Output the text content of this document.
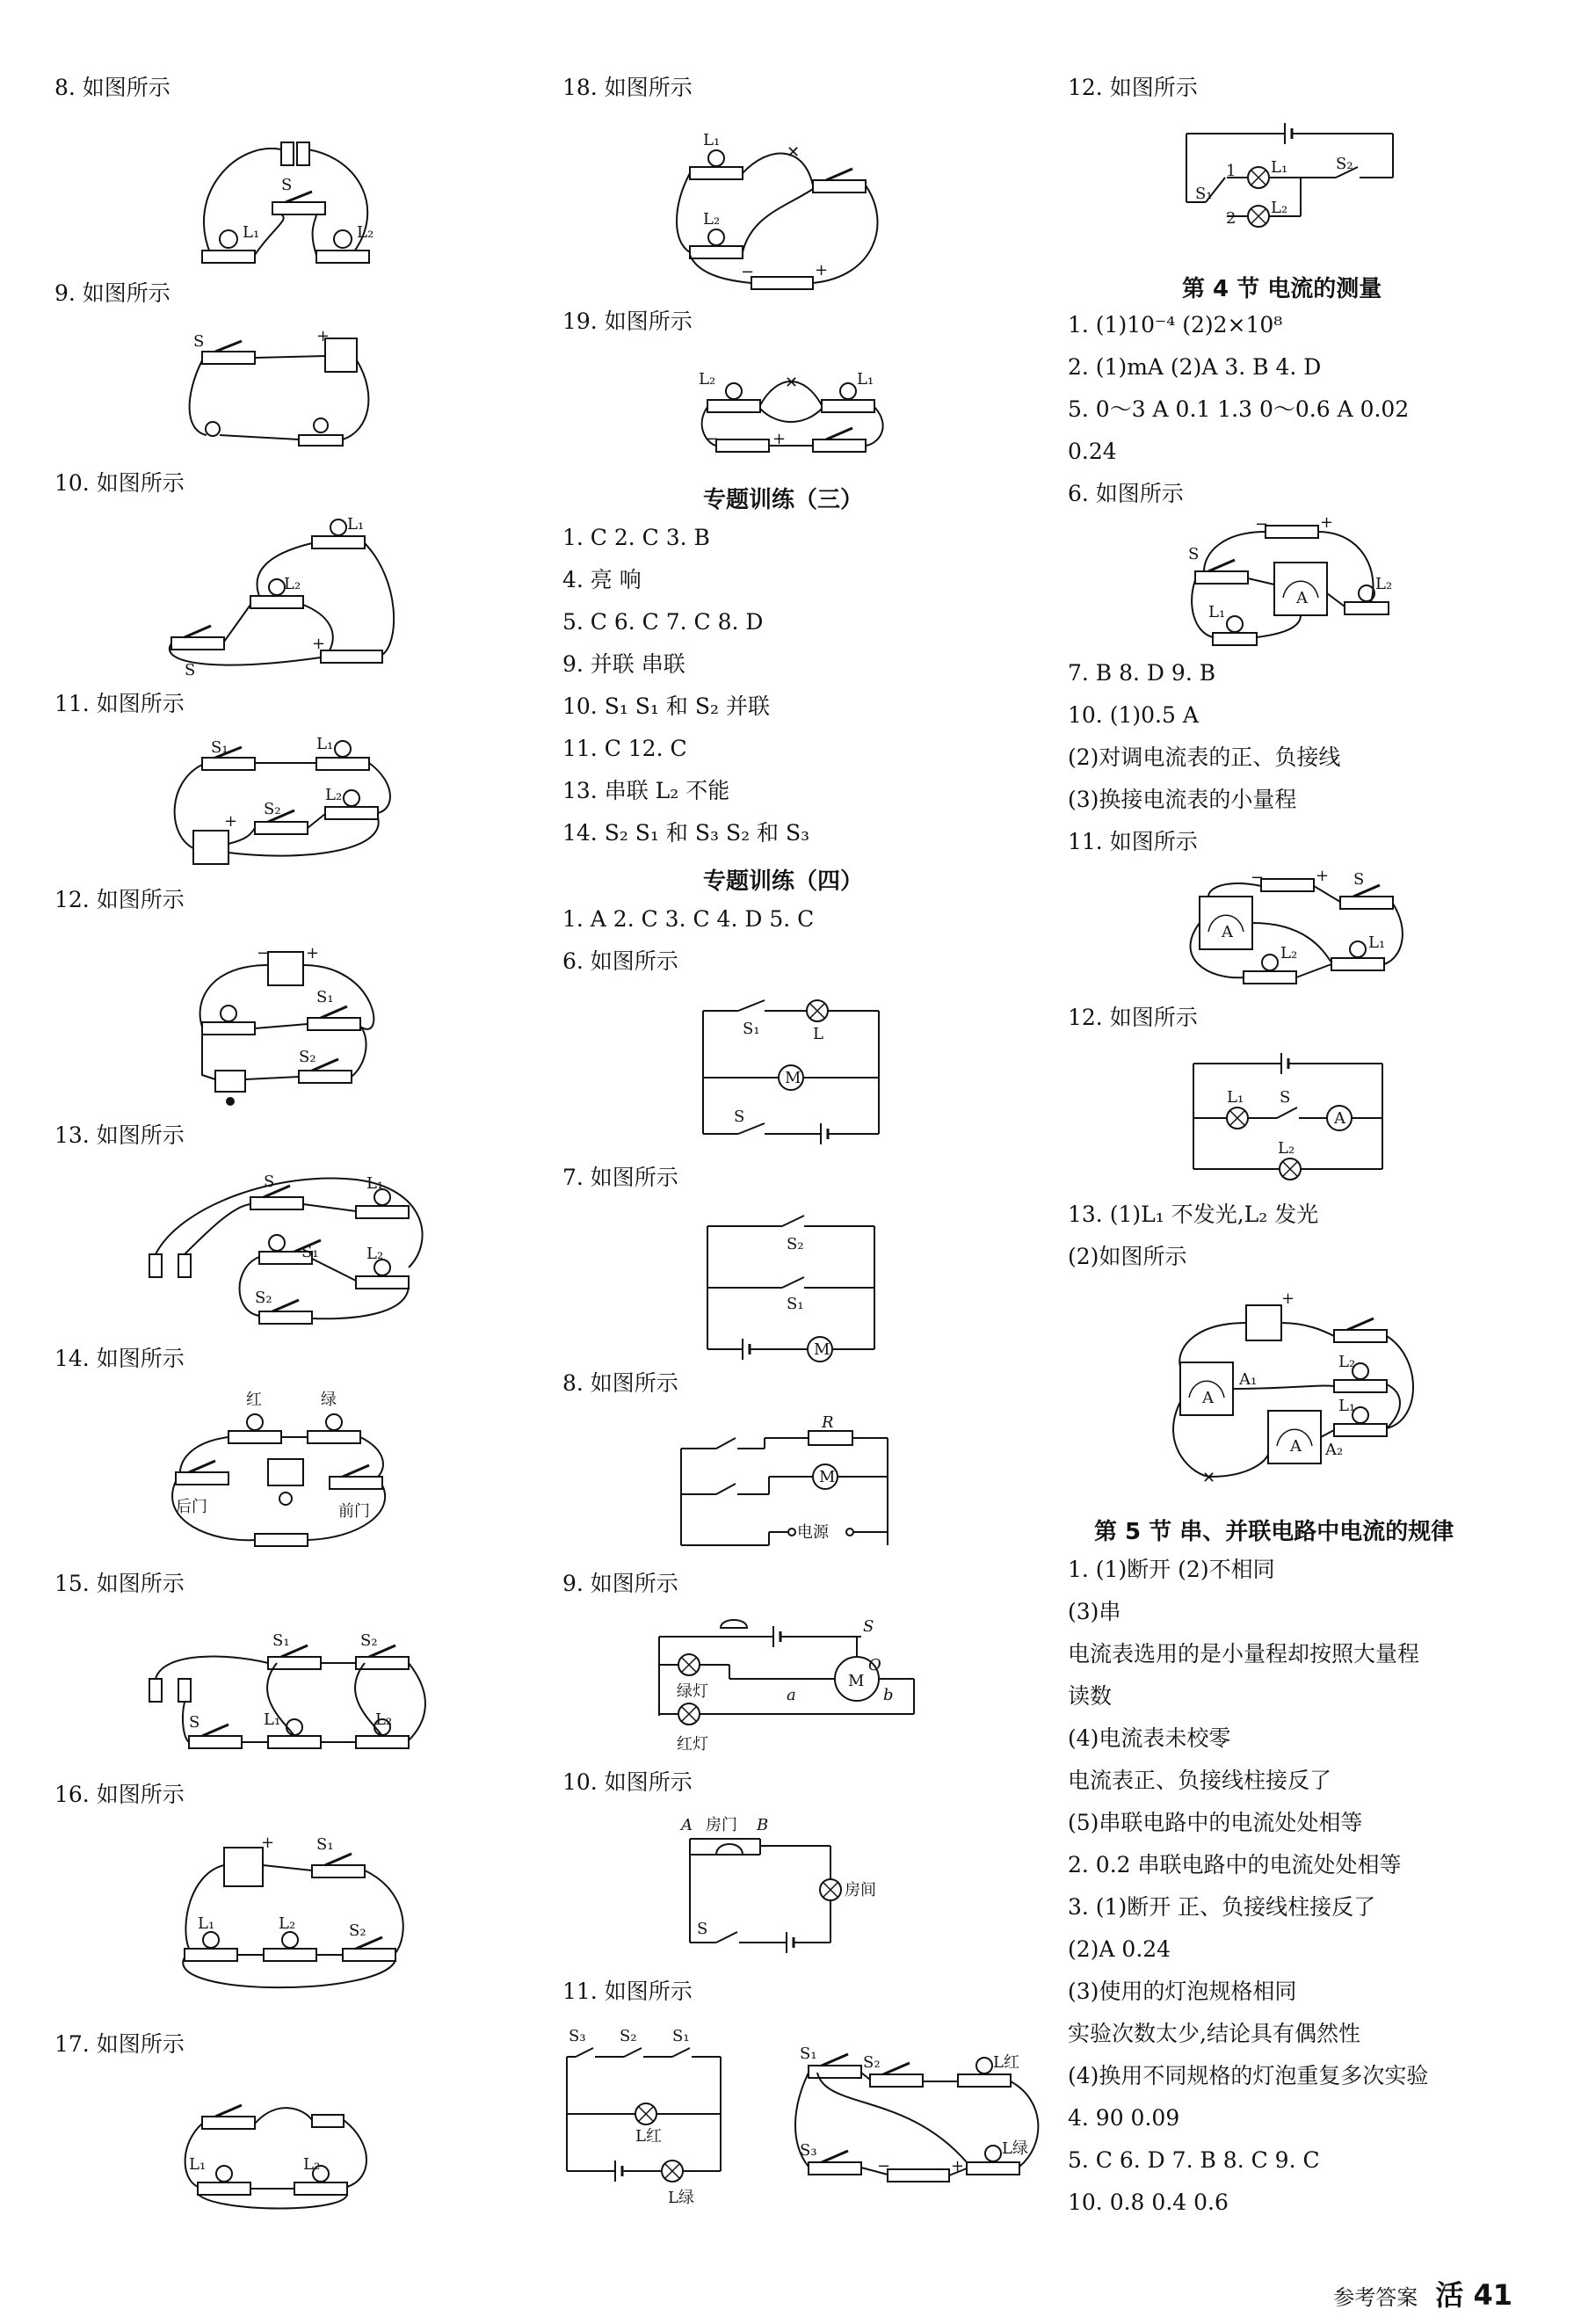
8. 如图所示
S
L₁	L₂
9. 如图所示
S	+
10. 如图所示
L₁
L₂
S
+
11. 如图所示
S₁	L₁
L₂
S₂
+
12. 如图所示
− +
S₁
S₂
13. 如图所示
S	L₁
S₁	L₂
S₂
14. 如图所示
红	绿
后门	前门
15. 如图所示
S₁	S₂
S	L₁	L₂
16. 如图所示
+	S₁
L₁	L₂	S₂
17. 如图所示
L₁	L₂
18. 如图所示
L₁
L₂
−	+
✕
19. 如图所示
L₂	L₁
−	+
✕
专题训练（三）
1. C 2. C 3. B
4. 亮 响
5. C 6. C 7. C 8. D
9. 并联 串联
10. S₁ S₁ 和 S₂ 并联
11. C 12. C
13. 串联 L₂ 不能
14. S₂ S₁ 和 S₃ S₂ 和 S₃
专题训练（四）
1. A 2. C 3. C 4. D 5. C
6. 如图所示
S₁	L
M
S
7. 如图所示
S₂
S₁
M
8. 如图所示
R
M
电源
9. 如图所示
S
绿灯	a
M
O
b
红灯
10. 如图所示
A 房门 B
房间
S
11. 如图所示
S₃ S₂ S₁
L红
L绿
S₁	S₂	L红
S₃
−	+
L绿
12. 如图所示
S₁
1
2
L₁	S₂
L₂
第 4 节 电流的测量
1. (1)10⁻⁴ (2)2×10⁸
2. (1)mA (2)A 3. B 4. D
5. 0～3 A 0.1 1.3 0～0.6 A 0.02
0.24
6. 如图所示
−	+
S
A
L₂
L₁
7. B 8. D 9. B
10. (1)0.5 A
(2)对调电流表的正、负接线
(3)换接电流表的小量程
11. 如图所示
−	+
A
S
L₂
L₁
12. 如图所示
L₁ S
A
L₂
13. (1)L₁ 不发光,L₂ 发光
(2)如图所示
+
A
A₁
L₂
L₁
A A₂
✕
第 5 节 串、并联电路中电流的规律
1. (1)断开 (2)不相同
(3)串
电流表选用的是小量程却按照大量程
读数
(4)电流表未校零
电流表正、负接线柱接反了
(5)串联电路中的电流处处相等
2. 0.2 串联电路中的电流处处相等
3. (1)断开 正、负接线柱接反了
(2)A 0.24
(3)使用的灯泡规格相同
实验次数太少,结论具有偶然性
(4)换用不同规格的灯泡重复多次实验
4. 90 0.09
5. C 6. D 7. B 8. C 9. C
10. 0.8 0.4 0.6
参考答案 活 41
